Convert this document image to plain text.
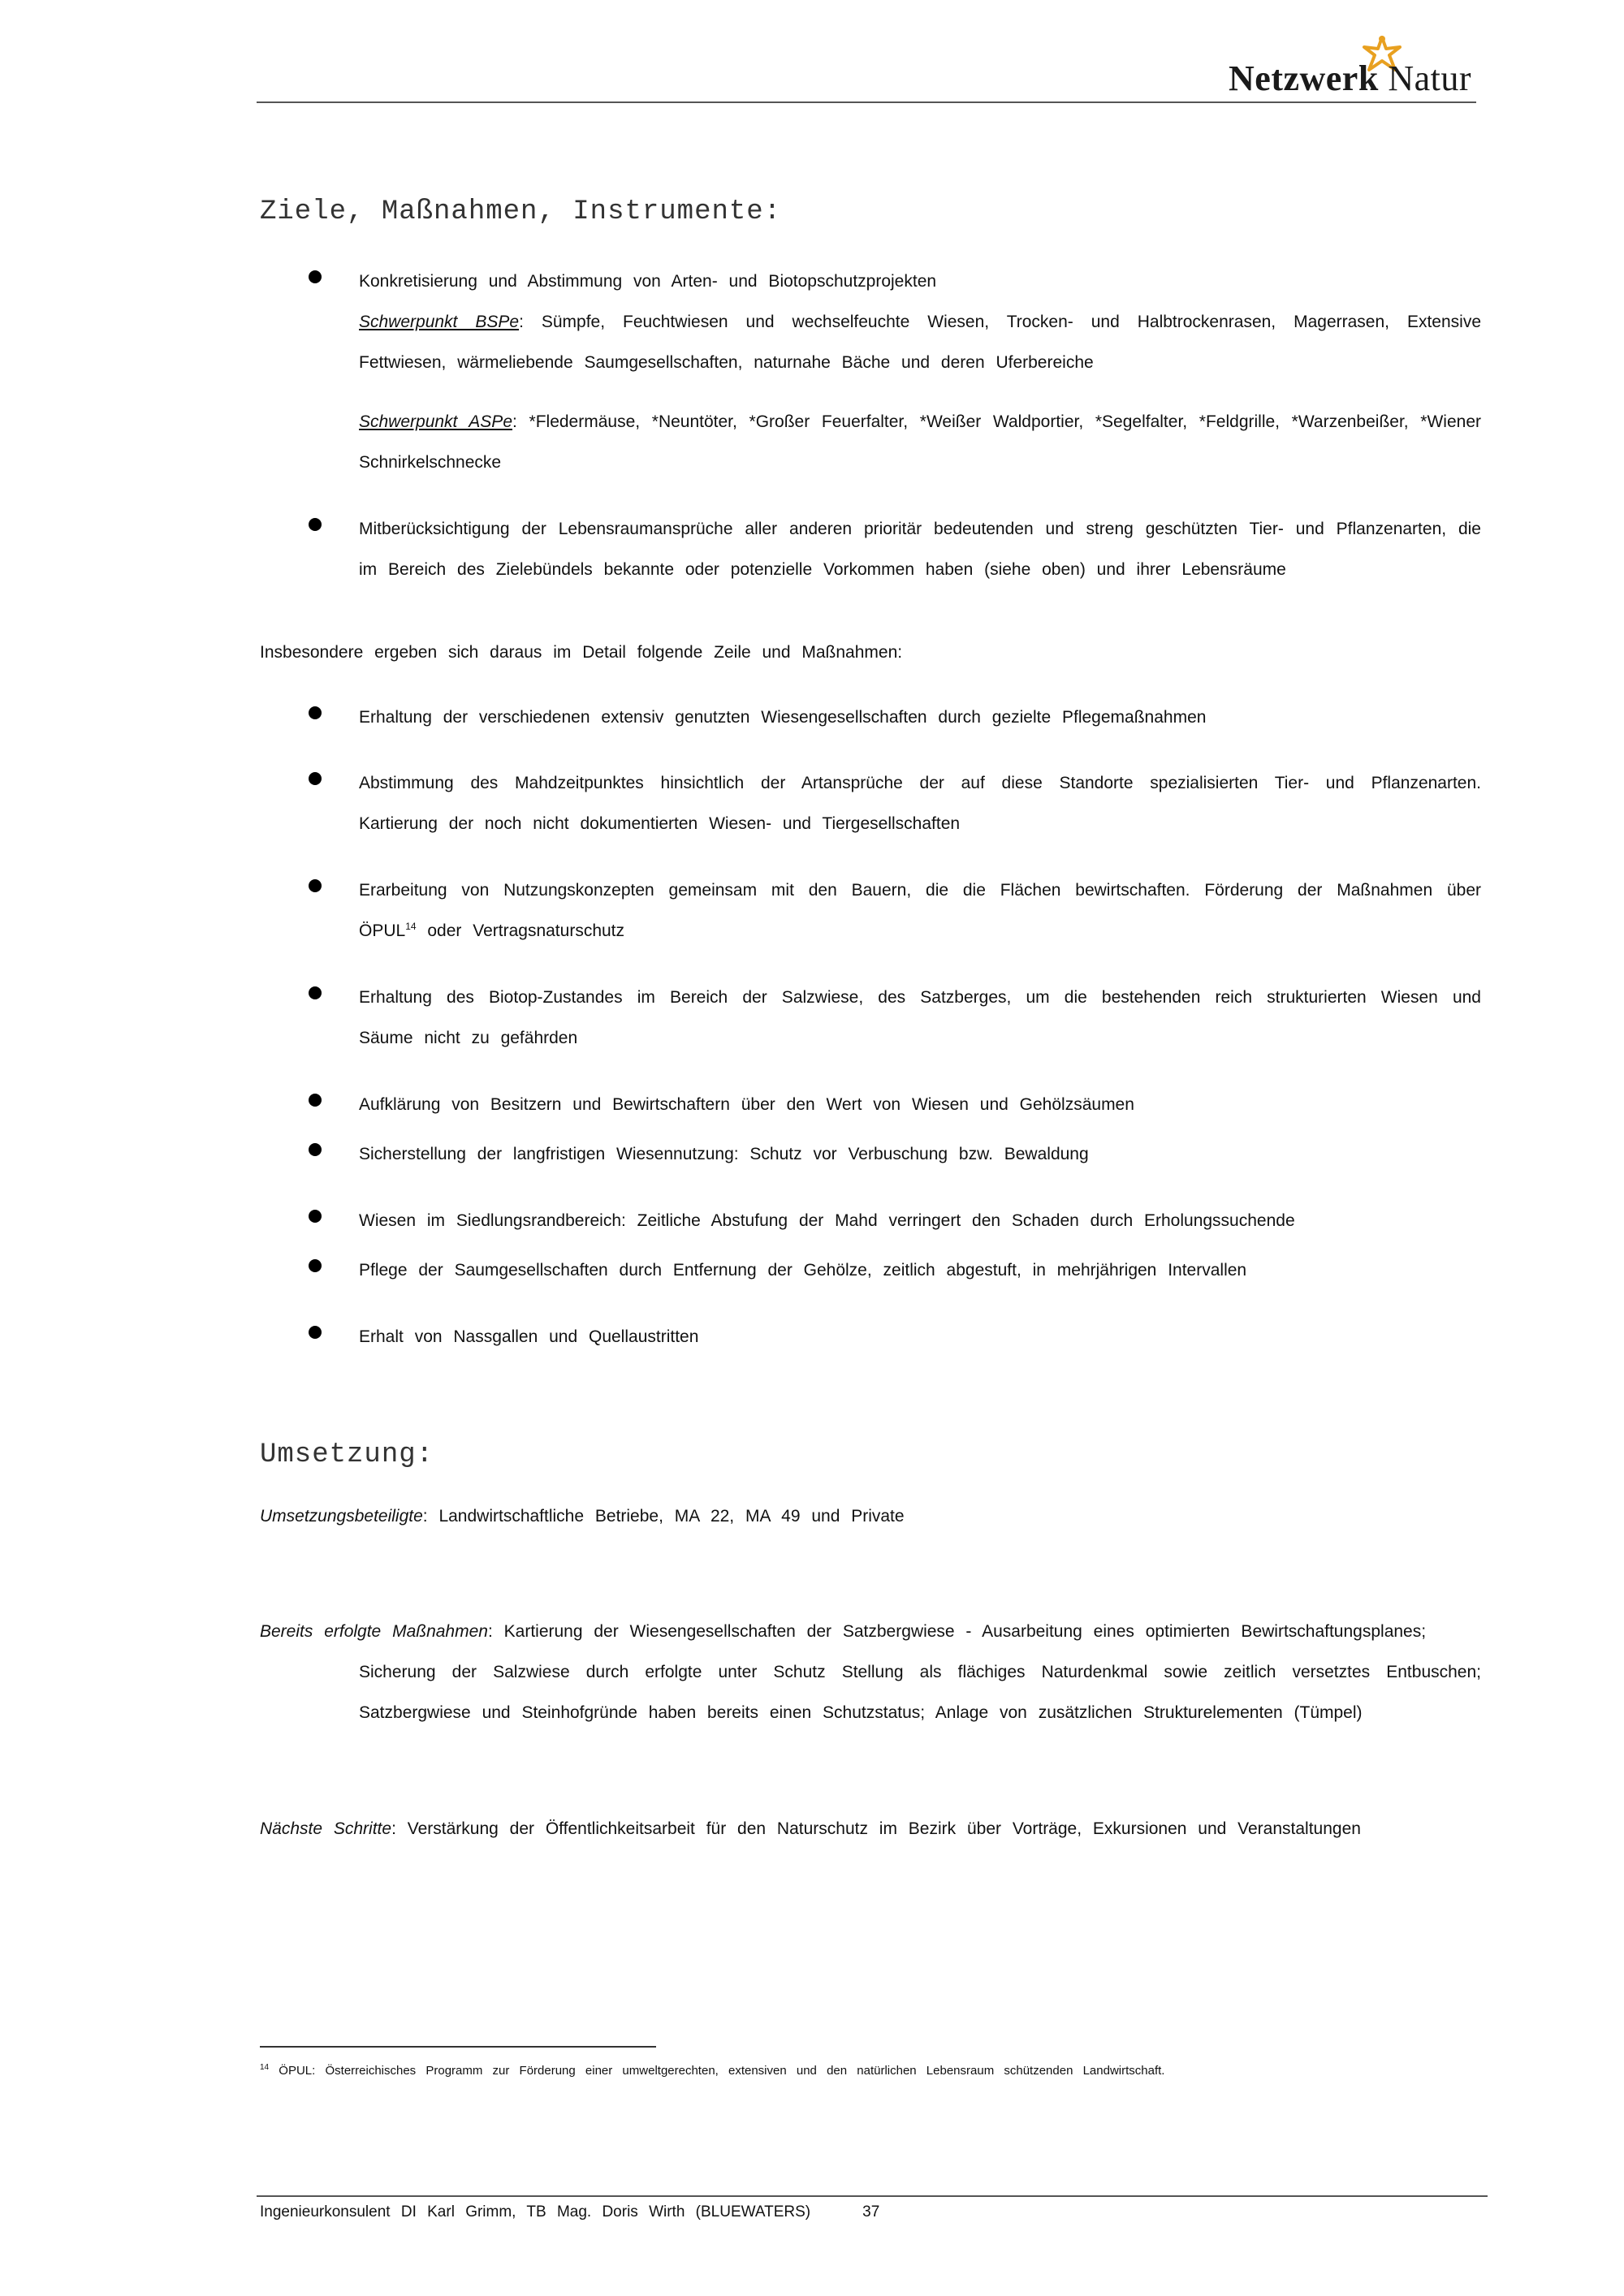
Netzwerk Natur
Ziele, Maßnahmen, Instrumente:
Konkretisierung und Abstimmung von Arten- und Biotopschutzprojekten
Schwerpunkt BSPe: Sümpfe, Feuchtwiesen und wechselfeuchte Wiesen, Trocken- und Halbtrockenrasen, Magerrasen, Extensive Fettwiesen, wärmeliebende Saumgesellschaften, naturnahe Bäche und deren Uferbereiche
Schwerpunkt ASPe: *Fledermäuse, *Neuntöter, *Großer Feuerfalter, *Weißer Waldportier, *Segelfalter, *Feldgrille, *Warzenbeißer, *Wiener Schnirkelschnecke
Mitberücksichtigung der Lebensraumansprüche aller anderen prioritär bedeutenden und streng geschützten Tier- und Pflanzenarten, die im Bereich des Zielebündels bekannte oder potenzielle Vorkommen haben (siehe oben) und ihrer Lebensräume
Insbesondere ergeben sich daraus im Detail folgende Zeile und Maßnahmen:
Erhaltung der verschiedenen extensiv genutzten Wiesengesellschaften durch gezielte Pflegemaßnahmen
Abstimmung des Mahdzeitpunktes hinsichtlich der Artansprüche der auf diese Standorte spezialisierten Tier- und Pflanzenarten. Kartierung der noch nicht dokumentierten Wiesen- und Tiergesellschaften
Erarbeitung von Nutzungskonzepten gemeinsam mit den Bauern, die die Flächen bewirtschaften. Förderung der Maßnahmen über ÖPUL$^{14}$ oder Vertragsnaturschutz
Erhaltung des Biotop-Zustandes im Bereich der Salzwiese, des Satzberges, um die bestehenden reich strukturierten Wiesen und Säume nicht zu gefährden
Aufklärung von Besitzern und Bewirtschaftern über den Wert von Wiesen und Gehölzsäumen
Sicherstellung der langfristigen Wiesennutzung: Schutz vor Verbuschung bzw. Bewaldung
Wiesen im Siedlungsrandbereich: Zeitliche Abstufung der Mahd verringert den Schaden durch Erholungssuchende
Pflege der Saumgesellschaften durch Entfernung der Gehölze, zeitlich abgestuft, in mehrjährigen Intervallen
Erhalt von Nassgallen und Quellaustritten
Umsetzung:
Umsetzungsbeteiligte: Landwirtschaftliche Betriebe, MA 22, MA 49 und Private
Bereits erfolgte Maßnahmen: Kartierung der Wiesengesellschaften der Satzbergwiese - Ausarbeitung eines optimierten Bewirtschaftungsplanes;
Sicherung der Salzwiese durch erfolgte unter Schutz Stellung als flächiges Naturdenkmal sowie zeitlich versetztes Entbuschen; Satzbergwiese und Steinhofgründe haben bereits einen Schutzstatus; Anlage von zusätzlichen Strukturelementen (Tümpel)
Nächste Schritte: Verstärkung der Öffentlichkeitsarbeit für den Naturschutz im Bezirk über Vorträge, Exkursionen und Veranstaltungen
$^{14}$ ÖPUL: Österreichisches Programm zur Förderung einer umweltgerechten, extensiven und den natürlichen Lebensraum schützenden Landwirtschaft.
Ingenieurkonsulent DI Karl Grimm, TB Mag. Doris Wirth (BLUEWATERS)	37
